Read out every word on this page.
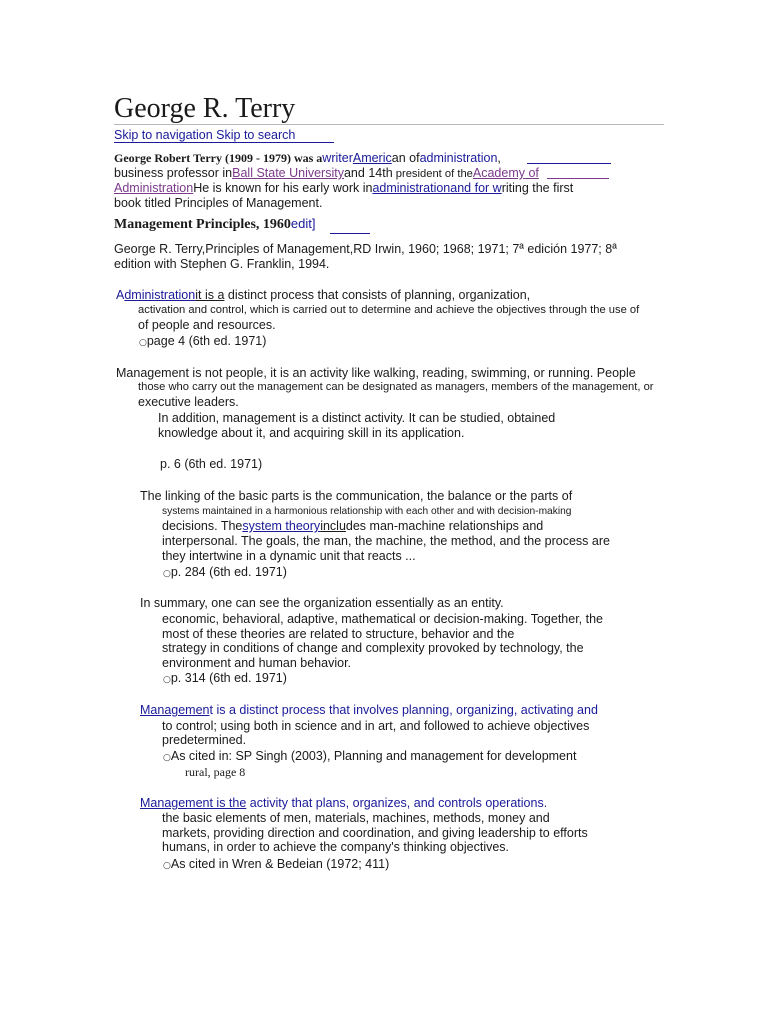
George R. Terry
Skip to navigation Skip to search
George Robert Terry (1909 - 1979) was awriterAmerican ofadministration,
business professor inBall State Universityand 14th president of theAcademy of
AdministrationHe is known for his early work inadministrationand for writing the first
book titled Principles of Management.
Management Principles, 1960edit]
George R. Terry,Principles of Management,RD Irwin, 1960; 1968; 1971; 7ª edición 1977; 8ª
edition with Stephen G. Franklin, 1994.
Administrationit is a distinct process that consists of planning, organization,
activation and control, which is carried out to determine and achieve the objectives through the use of
of people and resources.
○page 4 (6th ed. 1971)
Management is not people, it is an activity like walking, reading, swimming, or running. People
those who carry out the management can be designated as managers, members of the management, or
executive leaders.
In addition, management is a distinct activity. It can be studied, obtained
knowledge about it, and acquiring skill in its application.
p. 6 (6th ed. 1971)
The linking of the basic parts is the communication, the balance or the parts of
systems maintained in a harmonious relationship with each other and with decision-making
decisions. Thesystem theoryincludes man-machine relationships and
interpersonal. The goals, the man, the machine, the method, and the process are
they intertwine in a dynamic unit that reacts ...
○p. 284 (6th ed. 1971)
In summary, one can see the organization essentially as an entity.
economic, behavioral, adaptive, mathematical or decision-making. Together, the
most of these theories are related to structure, behavior and the
strategy in conditions of change and complexity provoked by technology, the
environment and human behavior.
○p. 314 (6th ed. 1971)
Management is a distinct process that involves planning, organizing, activating and
to control; using both in science and in art, and followed to achieve objectives
predetermined.
○As cited in: SP Singh (2003), Planning and management for development
rural, page 8
Management is the activity that plans, organizes, and controls operations.
the basic elements of men, materials, machines, methods, money and
markets, providing direction and coordination, and giving leadership to efforts
humans, in order to achieve the company's thinking objectives.
○As cited in Wren & Bedeian (1972; 411)
